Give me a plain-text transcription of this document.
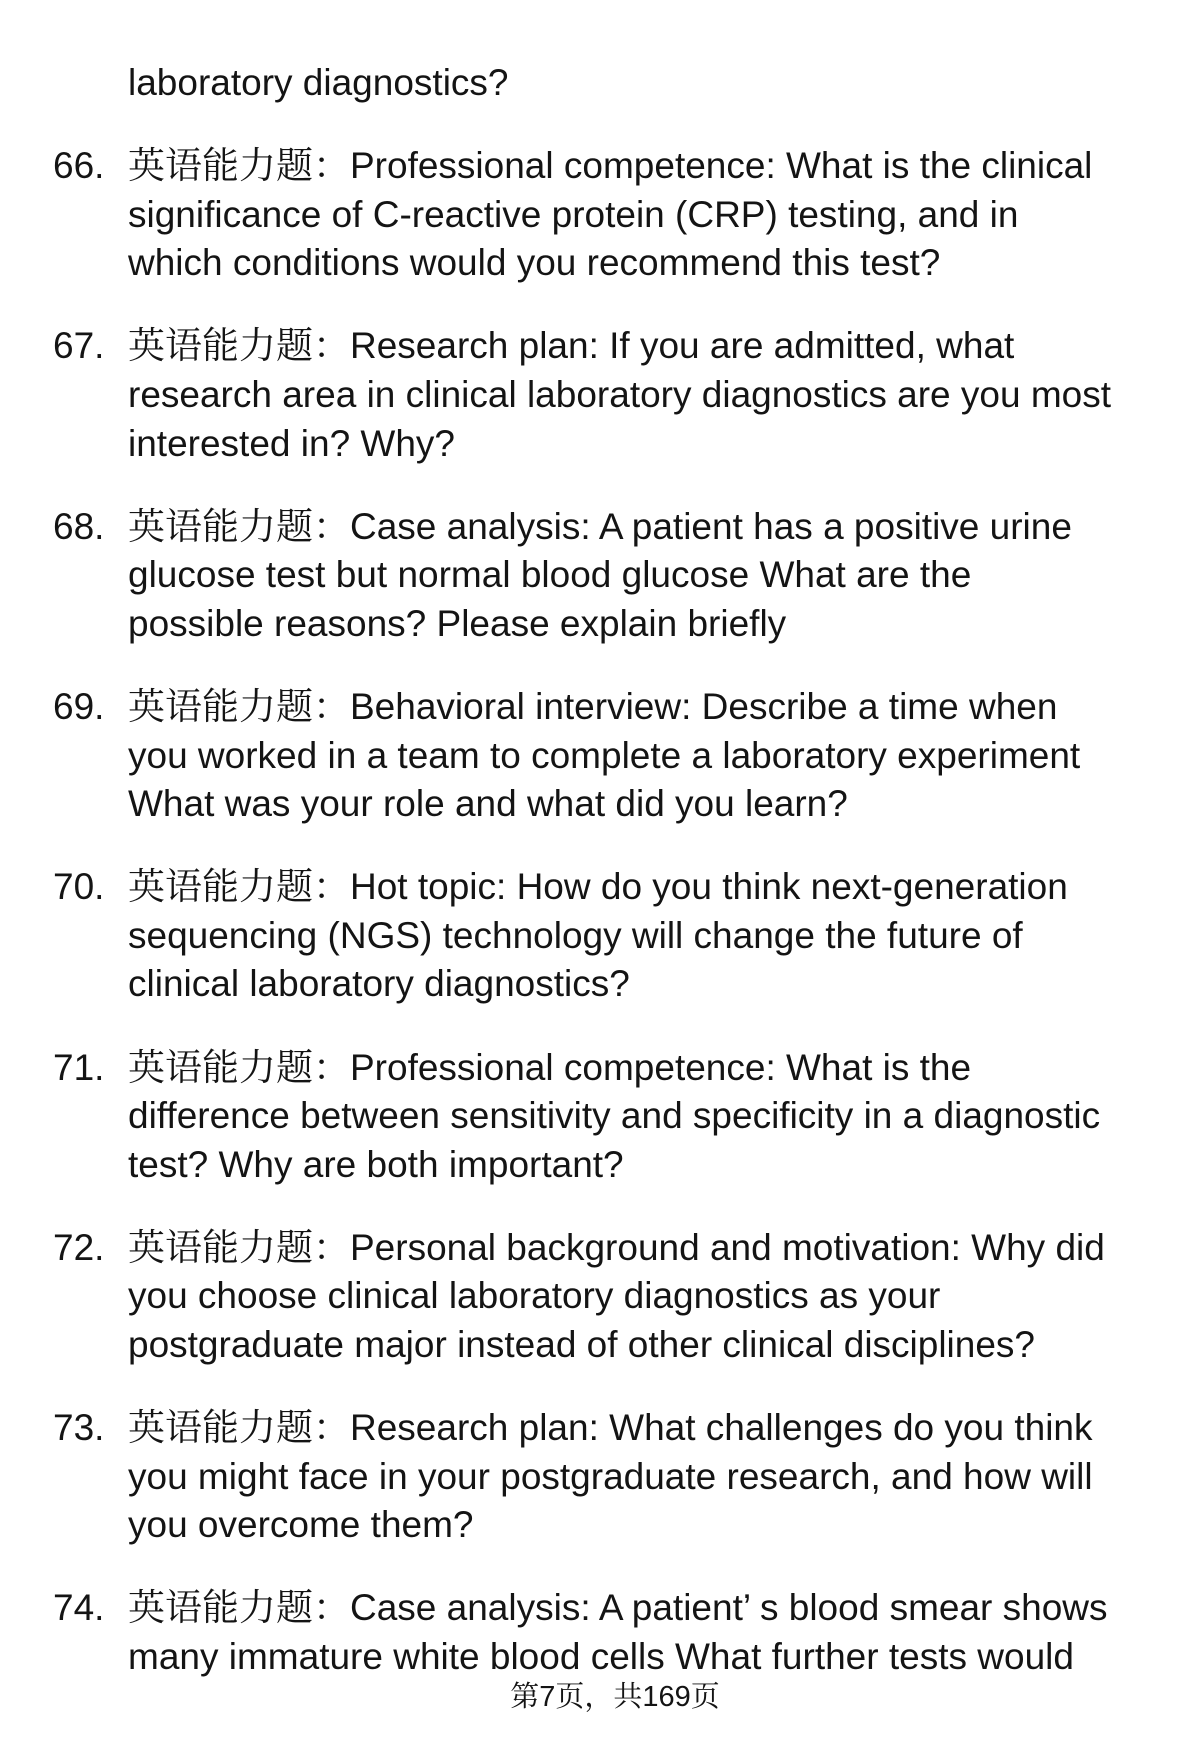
laboratory diagnostics?
66. 英语能力题：Professional competence: What is the clinical
significance of C-reactive protein (CRP) testing, and in
which conditions would you recommend this test?
67. 英语能力题：Research plan: If you are admitted, what
research area in clinical laboratory diagnostics are you most
interested in? Why?
68. 英语能力题：Case analysis: A patient has a positive urine
glucose test but normal blood glucose What are the
possible reasons? Please explain briefly
69. 英语能力题：Behavioral interview: Describe a time when
you worked in a team to complete a laboratory experiment
What was your role and what did you learn?
70. 英语能力题：Hot topic: How do you think next-generation
sequencing (NGS) technology will change the future of
clinical laboratory diagnostics?
71. 英语能力题：Professional competence: What is the
difference between sensitivity and specificity in a diagnostic
test? Why are both important?
72. 英语能力题：Personal background and motivation: Why did
you choose clinical laboratory diagnostics as your
postgraduate major instead of other clinical disciplines?
73. 英语能力题：Research plan: What challenges do you think
you might face in your postgraduate research, and how will
you overcome them?
74. 英语能力题：Case analysis: A patient’ s blood smear shows
many immature white blood cells What further tests would
第7页，共169页
